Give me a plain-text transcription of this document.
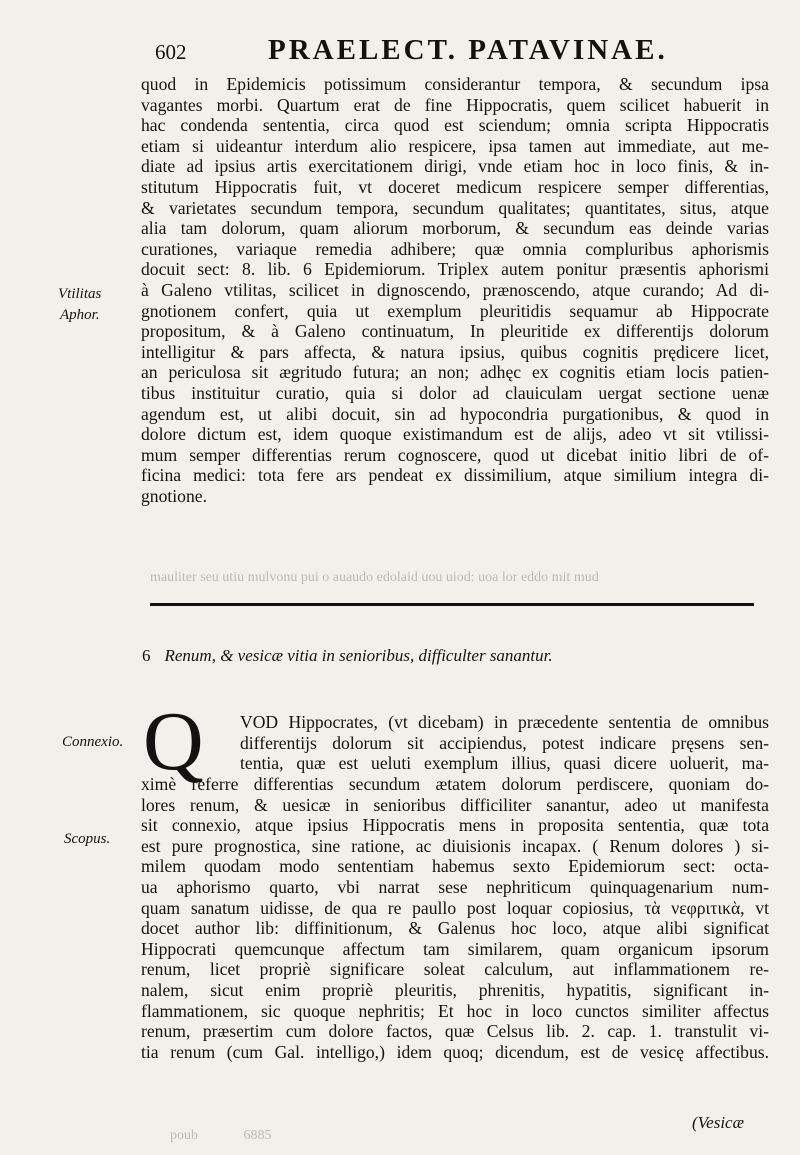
602	PRAELECT. PATAVINAE.
mauliter seu utiu mulvonu pui o auaudo edolaid uou uiod: uoa lor eddo mit mud
poub             6885
quod in Epidemicis potissimum considerantur tempora, & secundum ipsa
vagantes morbi. Quartum erat de fine Hippocratis, quem scilicet habuerit in
hac condenda sententia, circa quod est sciendum; omnia scripta Hippocratis
etiam si uideantur interdum alio respicere, ipsa tamen aut immediate, aut me-
diate ad ipsius artis exercitationem dirigi, vnde etiam hoc in loco finis, & in-
stitutum Hippocratis fuit, vt doceret medicum respicere semper differentias,
& varietates secundum tempora, secundum qualitates; quantitates, situs, atque
alia tam dolorum, quam aliorum morborum, & secundum eas deinde varias
curationes, variaque remedia adhibere; quæ omnia compluribus aphorismis
docuit sect: 8. lib. 6 Epidemiorum. Triplex autem ponitur præsentis aphorismi
à Galeno vtilitas, scilicet in dignoscendo, prænoscendo, atque curando; Ad di-
gnotionem confert, quia ut exemplum pleuritidis sequamur ab Hippocrate
propositum, & à Galeno continuatum, In pleuritide ex differentijs dolorum
intelligitur & pars affecta, & natura ipsius, quibus cognitis prędicere licet,
an periculosa sit ægritudo futura; an non; adhęc ex cognitis etiam locis patien-
tibus instituitur curatio, quia si dolor ad clauiculam uergat sectione uenæ
agendum est, ut alibi docuit, sin ad hypocondria purgationibus, & quod in
dolore dictum est, idem quoque existimandum est de alijs, adeo vt sit vtilissi-
mum semper differentias rerum cognoscere, quod ut dicebat initio libri de of-
ficina medici: tota fere ars pendeat ex dissimilium, atque similium integra di-
gnotione.
Vtilitas
Aphor.
6 Renum, & vesicæ vitia in senioribus, difficulter sanantur.
Connexio.
Scopus.
Q VOD Hippocrates, (vt dicebam) in præcedente sententia de omnibus
differentijs dolorum sit accipiendus, potest indicare pręsens sen-
tentia, quæ est ueluti exemplum illius, quasi dicere uoluerit, ma-
ximè referre differentias secundum ætatem dolorum perdiscere, quoniam do-
lores renum, & uesicæ in senioribus difficiliter sanantur, adeo ut manifesta
sit connexio, atque ipsius Hippocratis mens in proposita sententia, quæ tota
est pure prognostica, sine ratione, ac diuisionis incapax. ( Renum dolores ) si-
milem quodam modo sententiam habemus sexto Epidemiorum sect: octa-
ua aphorismo quarto, vbi narrat sese nephriticum quinquagenarium num-
quam sanatum uidisse, de qua re paullo post loquar copiosius, τὰ νεφριτικὰ, vt
docet author lib: diffinitionum, & Galenus hoc loco, atque alibi significat
Hippocrati quemcunque affectum tam similarem, quam organicum ipsorum
renum, licet propriè significare soleat calculum, aut inflammationem re-
nalem, sicut enim propriè pleuritis, phrenitis, hypatitis, significant in-
flammationem, sic quoque nephritis; Et hoc in loco cunctos similiter affectus
renum, præsertim cum dolore factos, quæ Celsus lib. 2. cap. 1. transtulit vi-
tia renum (cum Gal. intelligo,) idem quoq; dicendum, est de vesicę affectibus.
(Vesicæ
